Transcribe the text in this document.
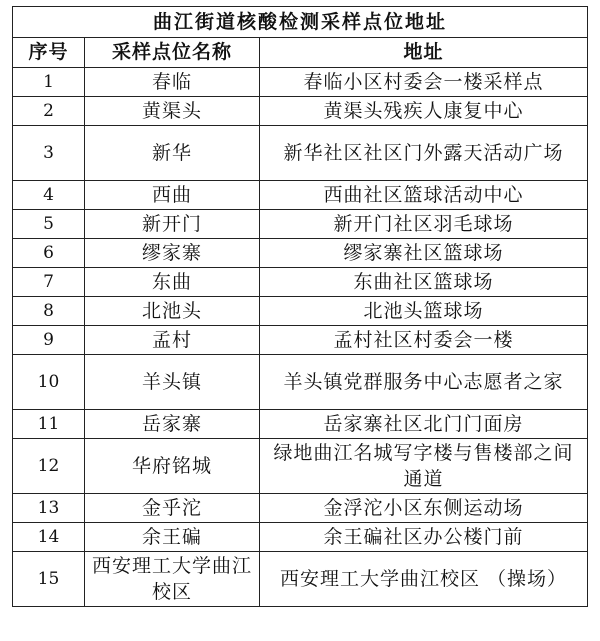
曲江街道核酸检测采样点位地址		
序号	采样点位名称	地址
1	春临	春临小区村委会一楼采样点
2	黄渠头	黄渠头残疾人康复中心
3	新华	新华社区社区门外露天活动广场
4	西曲	西曲社区篮球活动中心
5	新开门	新开门社区羽毛球场
6	缪家寨	缪家寨社区篮球场
7	东曲	东曲社区篮球场
8	北池头	北池头篮球场
9	孟村	孟村社区村委会一楼
10	羊头镇	羊头镇党群服务中心志愿者之家
11	岳家寨	岳家寨社区北门门面房
12	华府铭城	绿地曲江名城写字楼与售楼部之间通道
13	金乎沱	金浮沱小区东侧运动场
14	余王碥	余王碥社区办公楼门前
15	西安理工大学曲江校区	西安理工大学曲江校区 （操场）
